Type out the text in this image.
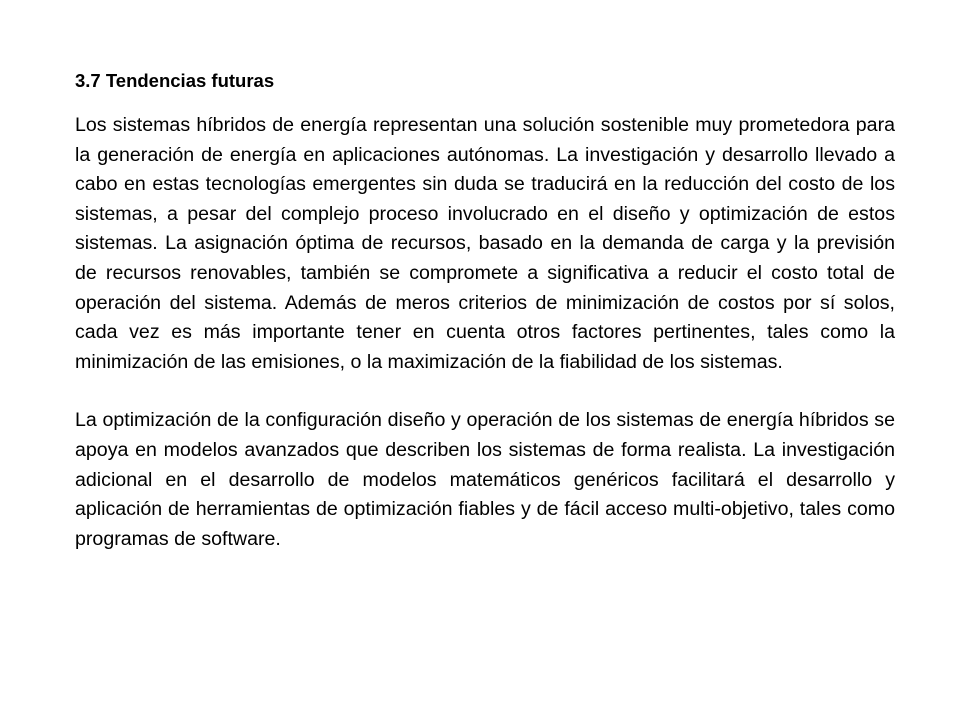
3.7 Tendencias futuras

Los sistemas híbridos de energía representan una solución sostenible muy prometedora para la generación de energía en aplicaciones autónomas. La investigación y desarrollo llevado a cabo en estas tecnologías emergentes sin duda se traducirá en la reducción del costo de los sistemas, a pesar del complejo proceso involucrado en el diseño y optimización de estos sistemas. La asignación óptima de recursos, basado en la demanda de carga y la previsión de recursos renovables, también se compromete a significativa a reducir el costo total de operación del sistema. Además de meros criterios de minimización de costos por sí solos, cada vez es más importante tener en cuenta otros factores pertinentes, tales como la minimización de las emisiones, o la maximización de la fiabilidad de los sistemas.

La optimización de la configuración diseño y operación de los sistemas de energía híbridos se apoya en modelos avanzados que describen los sistemas de forma realista. La investigación adicional en el desarrollo de modelos matemáticos genéricos facilitará el desarrollo y aplicación de herramientas de optimización fiables y de fácil acceso multi-objetivo, tales como programas de software.
